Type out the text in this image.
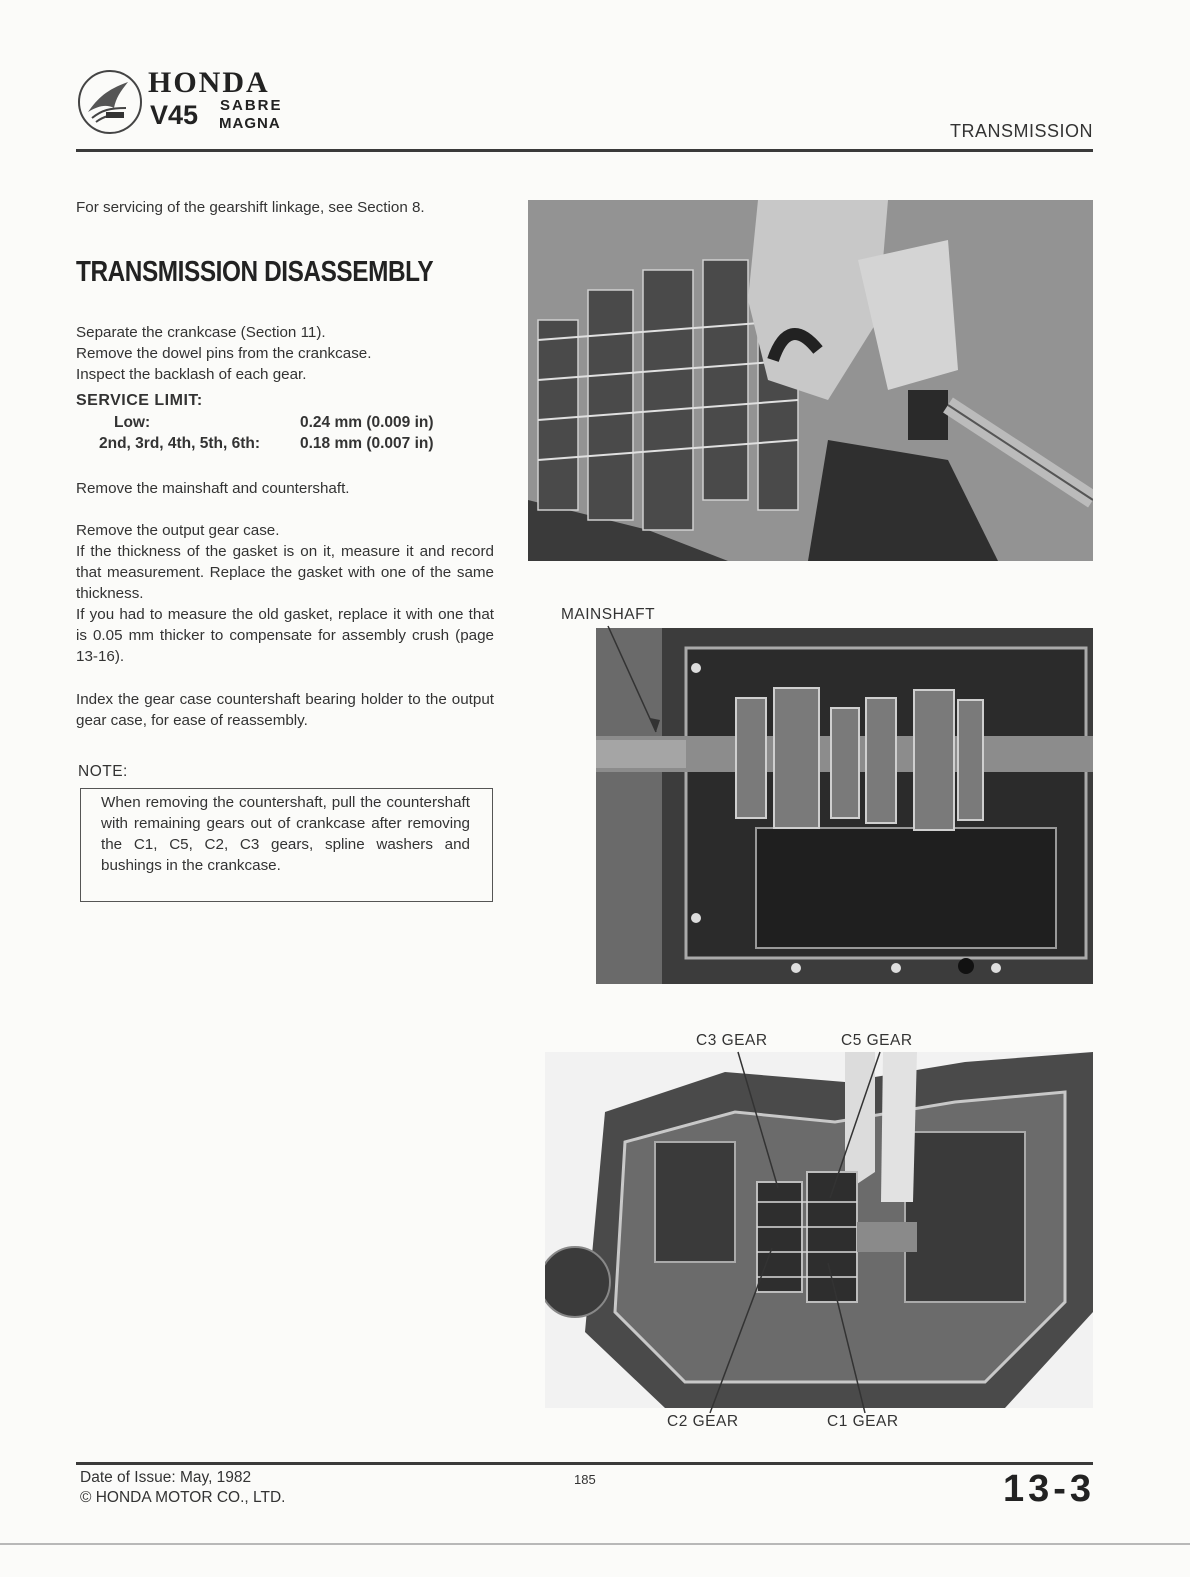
HONDA
V45 SABRE
MAGNA	TRANSMISSION
For servicing of the gearshift linkage, see Section 8.
TRANSMISSION DISASSEMBLY
Separate the crankcase (Section 11).
Remove the dowel pins from the crankcase.
Inspect the backlash of each gear.
SERVICE LIMIT:
Low:	0.24 mm (0.009 in)
2nd, 3rd, 4th, 5th, 6th:	0.18 mm (0.007 in)
Remove the mainshaft and countershaft.
Remove the output gear case.
If the thickness of the gasket is on it, measure it and record that measurement. Replace the gasket with one of the same thickness.
If you had to measure the old gasket, replace it with one that is 0.05 mm thicker to compensate for assembly crush (page 13-16).
Index the gear case countershaft bearing holder to the output gear case, for ease of reassembly.
NOTE:
When removing the countershaft, pull the countershaft with remaining gears out of crankcase after removing the C1, C5, C2, C3 gears, spline washers and bushings in the crankcase.
MAINSHAFT
C3 GEAR	C5 GEAR
C2 GEAR	C1 GEAR
Date of Issue: May, 1982
© HONDA MOTOR CO., LTD.
185	13-3
